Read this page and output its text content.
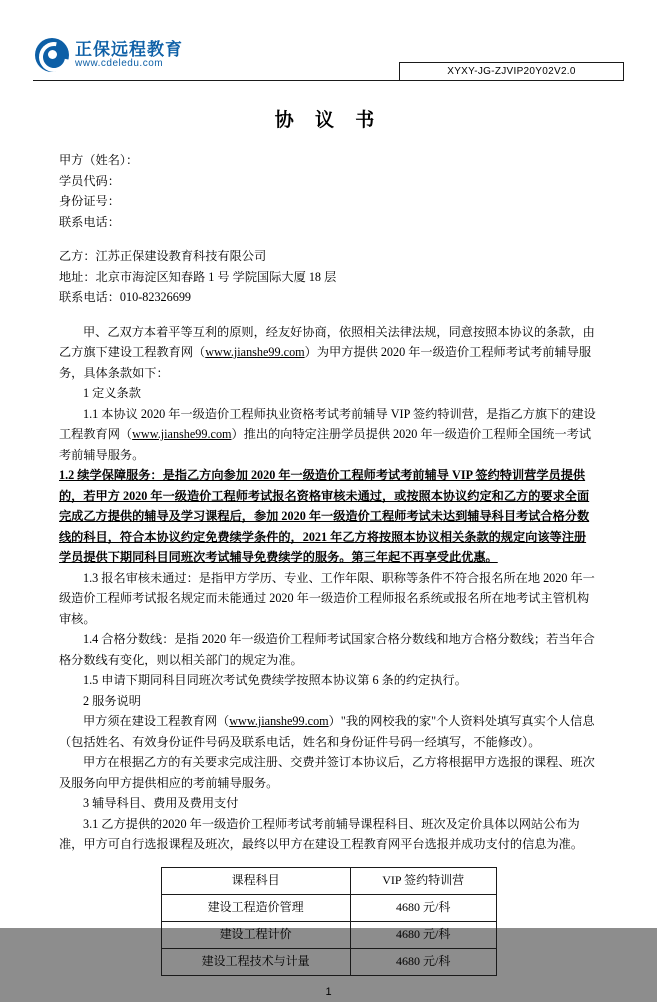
正保远程教育
www.cdeledu.com
XYXY-JG-ZJVIP20Y02V2.0
协 议 书

甲方（姓名）：

学员代码：

身份证号：

联系电话：

乙方：江苏正保建设教育科技有限公司

地址：北京市海淀区知春路 1 号 学院国际大厦 18 层

联系电话：010-82326699

甲、乙双方本着平等互利的原则，经友好协商，依照相关法律法规，同意按照本协议的条款，由乙方旗下建设工程教育网（www.jianshe99.com）为甲方提供 2020 年一级造价工程师考试考前辅导服务，具体条款如下：

1 定义条款

1.1 本协议 2020 年一级造价工程师执业资格考试考前辅导 VIP 签约特训营，是指乙方旗下的建设工程教育网（www.jianshe99.com）推出的向特定注册学员提供 2020 年一级造价工程师全国统一考试考前辅导服务。

1.2 续学保障服务：是指乙方向参加 2020 年一级造价工程师考试考前辅导 VIP 签约特训营学员提供的，若甲方 2020 年一级造价工程师考试报名资格审核未通过，或按照本协议约定和乙方的要求全面完成乙方提供的辅导及学习课程后，参加 2020 年一级造价工程师考试未达到辅导科目考试合格分数线的科目，符合本协议约定免费续学条件的，2021 年乙方将按照本协议相关条款的规定向该等注册学员提供下期同科目同班次考试辅导免费续学的服务。第三年起不再享受此优惠。

1.3 报名审核未通过：是指甲方学历、专业、工作年限、职称等条件不符合报名所在地 2020 年一级造价工程师考试报名规定而未能通过 2020 年一级造价工程师报名系统或报名所在地考试主管机构审核。

1.4 合格分数线：是指 2020 年一级造价工程师考试国家合格分数线和地方合格分数线；若当年合格分数线有变化，则以相关部门的规定为准。

1.5 申请下期同科目同班次考试免费续学按照本协议第 6 条的约定执行。

2 服务说明

甲方须在建设工程教育网（www.jianshe99.com）"我的网校我的家"个人资料处填写真实个人信息（包括姓名、有效身份证件号码及联系电话，姓名和身份证件号码一经填写，不能修改）。

甲方在根据乙方的有关要求完成注册、交费并签订本协议后，乙方将根据甲方选报的课程、班次及服务向甲方提供相应的考前辅导服务。

3 辅导科目、费用及费用支付

3.1 乙方提供的2020 年一级造价工程师考试考前辅导课程科目、班次及定价具体以网站公布为准，甲方可自行选报课程及班次，最终以甲方在建设工程教育网平台选报并成功支付的信息为准。

课程科目	VIP 签约特训营
建设工程造价管理	4680 元/科
建设工程计价	4680 元/科
建设工程技术与计量	4680 元/科
1
